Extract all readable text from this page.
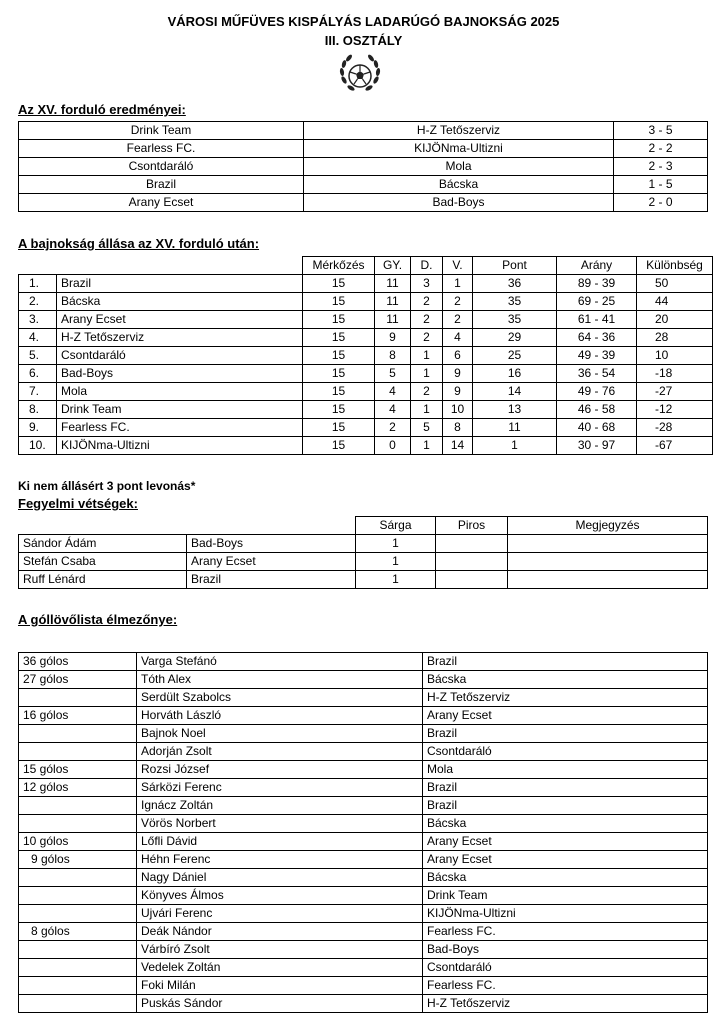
VÁROSI MŰFÜVES KISPÁLYÁS LADARÚGÓ BAJNOKSÁG 2025
III. OSZTÁLY
Az XV. forduló eredményei:
Drink Team	H-Z Tetőszerviz	3 - 5
Fearless FC.	KIJÖNma-Ultizni	2 - 2
Csontdaráló	Mola	2 - 3
Brazil	Bácska	1 - 5
Arany Ecset	Bad-Boys	2 - 0
A bajnokság állása az XV. forduló után:
		Mérkőzés	GY.	D.	V.	Pont	Arány	Különbség
1.	Brazil	15	11	3	1	36	89 - 39	50
2.	Bácska	15	11	2	2	35	69 - 25	44
3.	Arany Ecset	15	11	2	2	35	61 - 41	20
4.	H-Z Tetőszerviz	15	9	2	4	29	64 - 36	28
5.	Csontdaráló	15	8	1	6	25	49 - 39	10
6.	Bad-Boys	15	5	1	9	16	36 - 54	-18
7.	Mola	15	4	2	9	14	49 - 76	-27
8.	Drink Team	15	4	1	10	13	46 - 58	-12
9.	Fearless FC.	15	2	5	8	11	40 - 68	-28
10.	KIJÖNma-Ultizni	15	0	1	14	1	30 - 97	-67
Ki nem állásért 3 pont levonás*
Fegyelmi vétségek:
		Sárga	Piros	Megjegyzés
Sándor Ádám	Bad-Boys	1		
Stefán Csaba	Arany Ecset	1		
Ruff Lénárd	Brazil	1		
A góllövőlista élmezőnye:
36 gólos	Varga Stefánó	Brazil
27 gólos	Tóth Alex	Bácska
	Serdült Szabolcs	H-Z Tetőszerviz
16 gólos	Horváth László	Arany Ecset
	Bajnok Noel	Brazil
	Adorján Zsolt	Csontdaráló
15 gólos	Rozsi József	Mola
12 gólos	Sárközi Ferenc	Brazil
	Ignácz Zoltán	Brazil
	Vörös Norbert	Bácska
10 gólos	Lőfli Dávid	Arany Ecset
9 gólos	Héhn Ferenc	Arany Ecset
	Nagy Dániel	Bácska
	Könyves Álmos	Drink Team
	Ujvári Ferenc	KIJÖNma-Ultizni
8 gólos	Deák Nándor	Fearless FC.
	Várbíró Zsolt	Bad-Boys
	Vedelek Zoltán	Csontdaráló
	Foki Milán	Fearless FC.
	Puskás Sándor	H-Z Tetőszerviz
